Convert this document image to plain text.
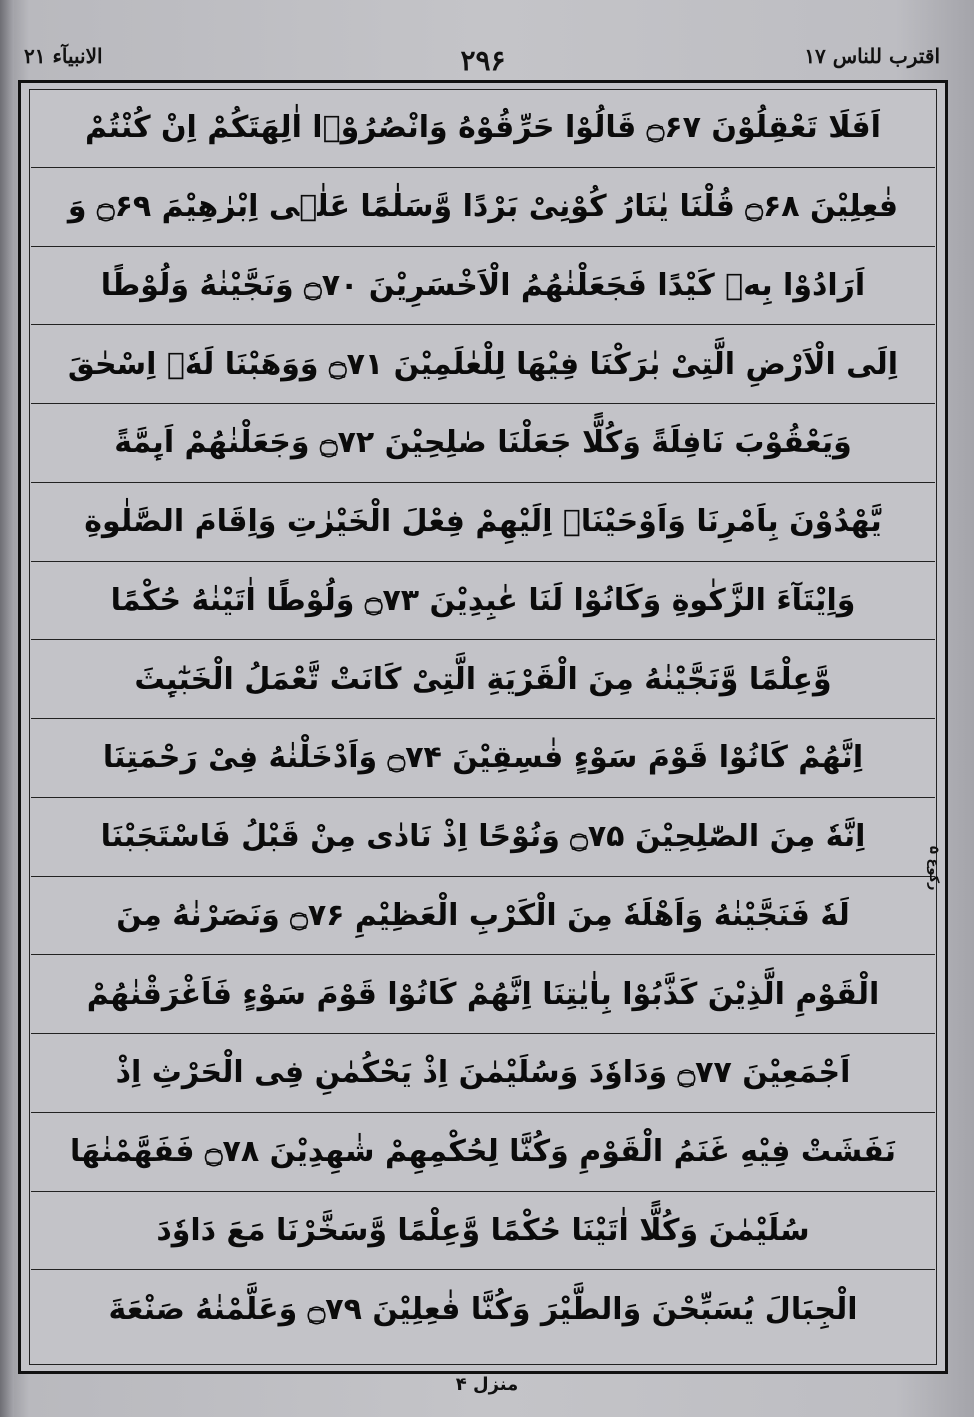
الانبیآء ۲۱	۲۹۶	اقترب للناس ۱۷
اَفَلَا تَعْقِلُوْنَ ۝۶۷ قَالُوْا حَرِّقُوْهُ وَانْصُرُوْۤا اٰلِهَتَكُمْ اِنْ كُنْتُمْ
فٰعِلِیْنَ ۝۶۸ قُلْنَا یٰنَارُ كُوْنِیْ بَرْدًا وَّسَلٰمًا عَلٰۤى اِبْرٰهِیْمَ ۝۶۹ وَ
اَرَادُوْا بِهٖ كَیْدًا فَجَعَلْنٰهُمُ الْاَخْسَرِیْنَ ۝۷۰ وَنَجَّیْنٰهُ وَلُوْطًا
اِلَى الْاَرْضِ الَّتِیْ بٰرَكْنَا فِیْهَا لِلْعٰلَمِیْنَ ۝۷۱ وَوَهَبْنَا لَهٗۤ اِسْحٰقَ
وَیَعْقُوْبَ نَافِلَةً وَكُلًّا جَعَلْنَا صٰلِحِیْنَ ۝۷۲ وَجَعَلْنٰهُمْ اَىِٕمَّةً
یَّهْدُوْنَ بِاَمْرِنَا وَاَوْحَیْنَاۤ اِلَیْهِمْ فِعْلَ الْخَیْرٰتِ وَاِقَامَ الصَّلٰوةِ
وَاِیْتَآءَ الزَّكٰوةِ وَكَانُوْا لَنَا عٰبِدِیْنَ ۝۷۳ وَلُوْطًا اٰتَیْنٰهُ حُكْمًا
وَّعِلْمًا وَّنَجَّیْنٰهُ مِنَ الْقَرْیَةِ الَّتِیْ كَانَتْ تَّعْمَلُ الْخَبٰٓىِٕثَ
اِنَّهُمْ كَانُوْا قَوْمَ سَوْءٍ فٰسِقِیْنَ ۝۷۴ وَاَدْخَلْنٰهُ فِیْ رَحْمَتِنَا
اِنَّهٗ مِنَ الصّٰلِحِیْنَ ۝۷۵ وَنُوْحًا اِذْ نَادٰى مِنْ قَبْلُ فَاسْتَجَبْنَا
لَهٗ فَنَجَّیْنٰهُ وَاَهْلَهٗ مِنَ الْكَرْبِ الْعَظِیْمِ ۝۷۶ وَنَصَرْنٰهُ مِنَ
الْقَوْمِ الَّذِیْنَ كَذَّبُوْا بِاٰیٰتِنَا اِنَّهُمْ كَانُوْا قَوْمَ سَوْءٍ فَاَغْرَقْنٰهُمْ
اَجْمَعِیْنَ ۝۷۷ وَدَاوٗدَ وَسُلَیْمٰنَ اِذْ یَحْكُمٰنِ فِی الْحَرْثِ اِذْ
نَفَشَتْ فِیْهِ غَنَمُ الْقَوْمِ وَكُنَّا لِحُكْمِهِمْ شٰهِدِیْنَ ۝۷۸ فَفَهَّمْنٰهَا
سُلَیْمٰنَ وَكُلًّا اٰتَیْنَا حُكْمًا وَّعِلْمًا وَّسَخَّرْنَا مَعَ دَاوٗدَ
الْجِبَالَ یُسَبِّحْنَ وَالطَّیْرَ وَكُنَّا فٰعِلِیْنَ ۝۷۹ وَعَلَّمْنٰهُ صَنْعَةَ
۵ رکوع
منزل ۴
